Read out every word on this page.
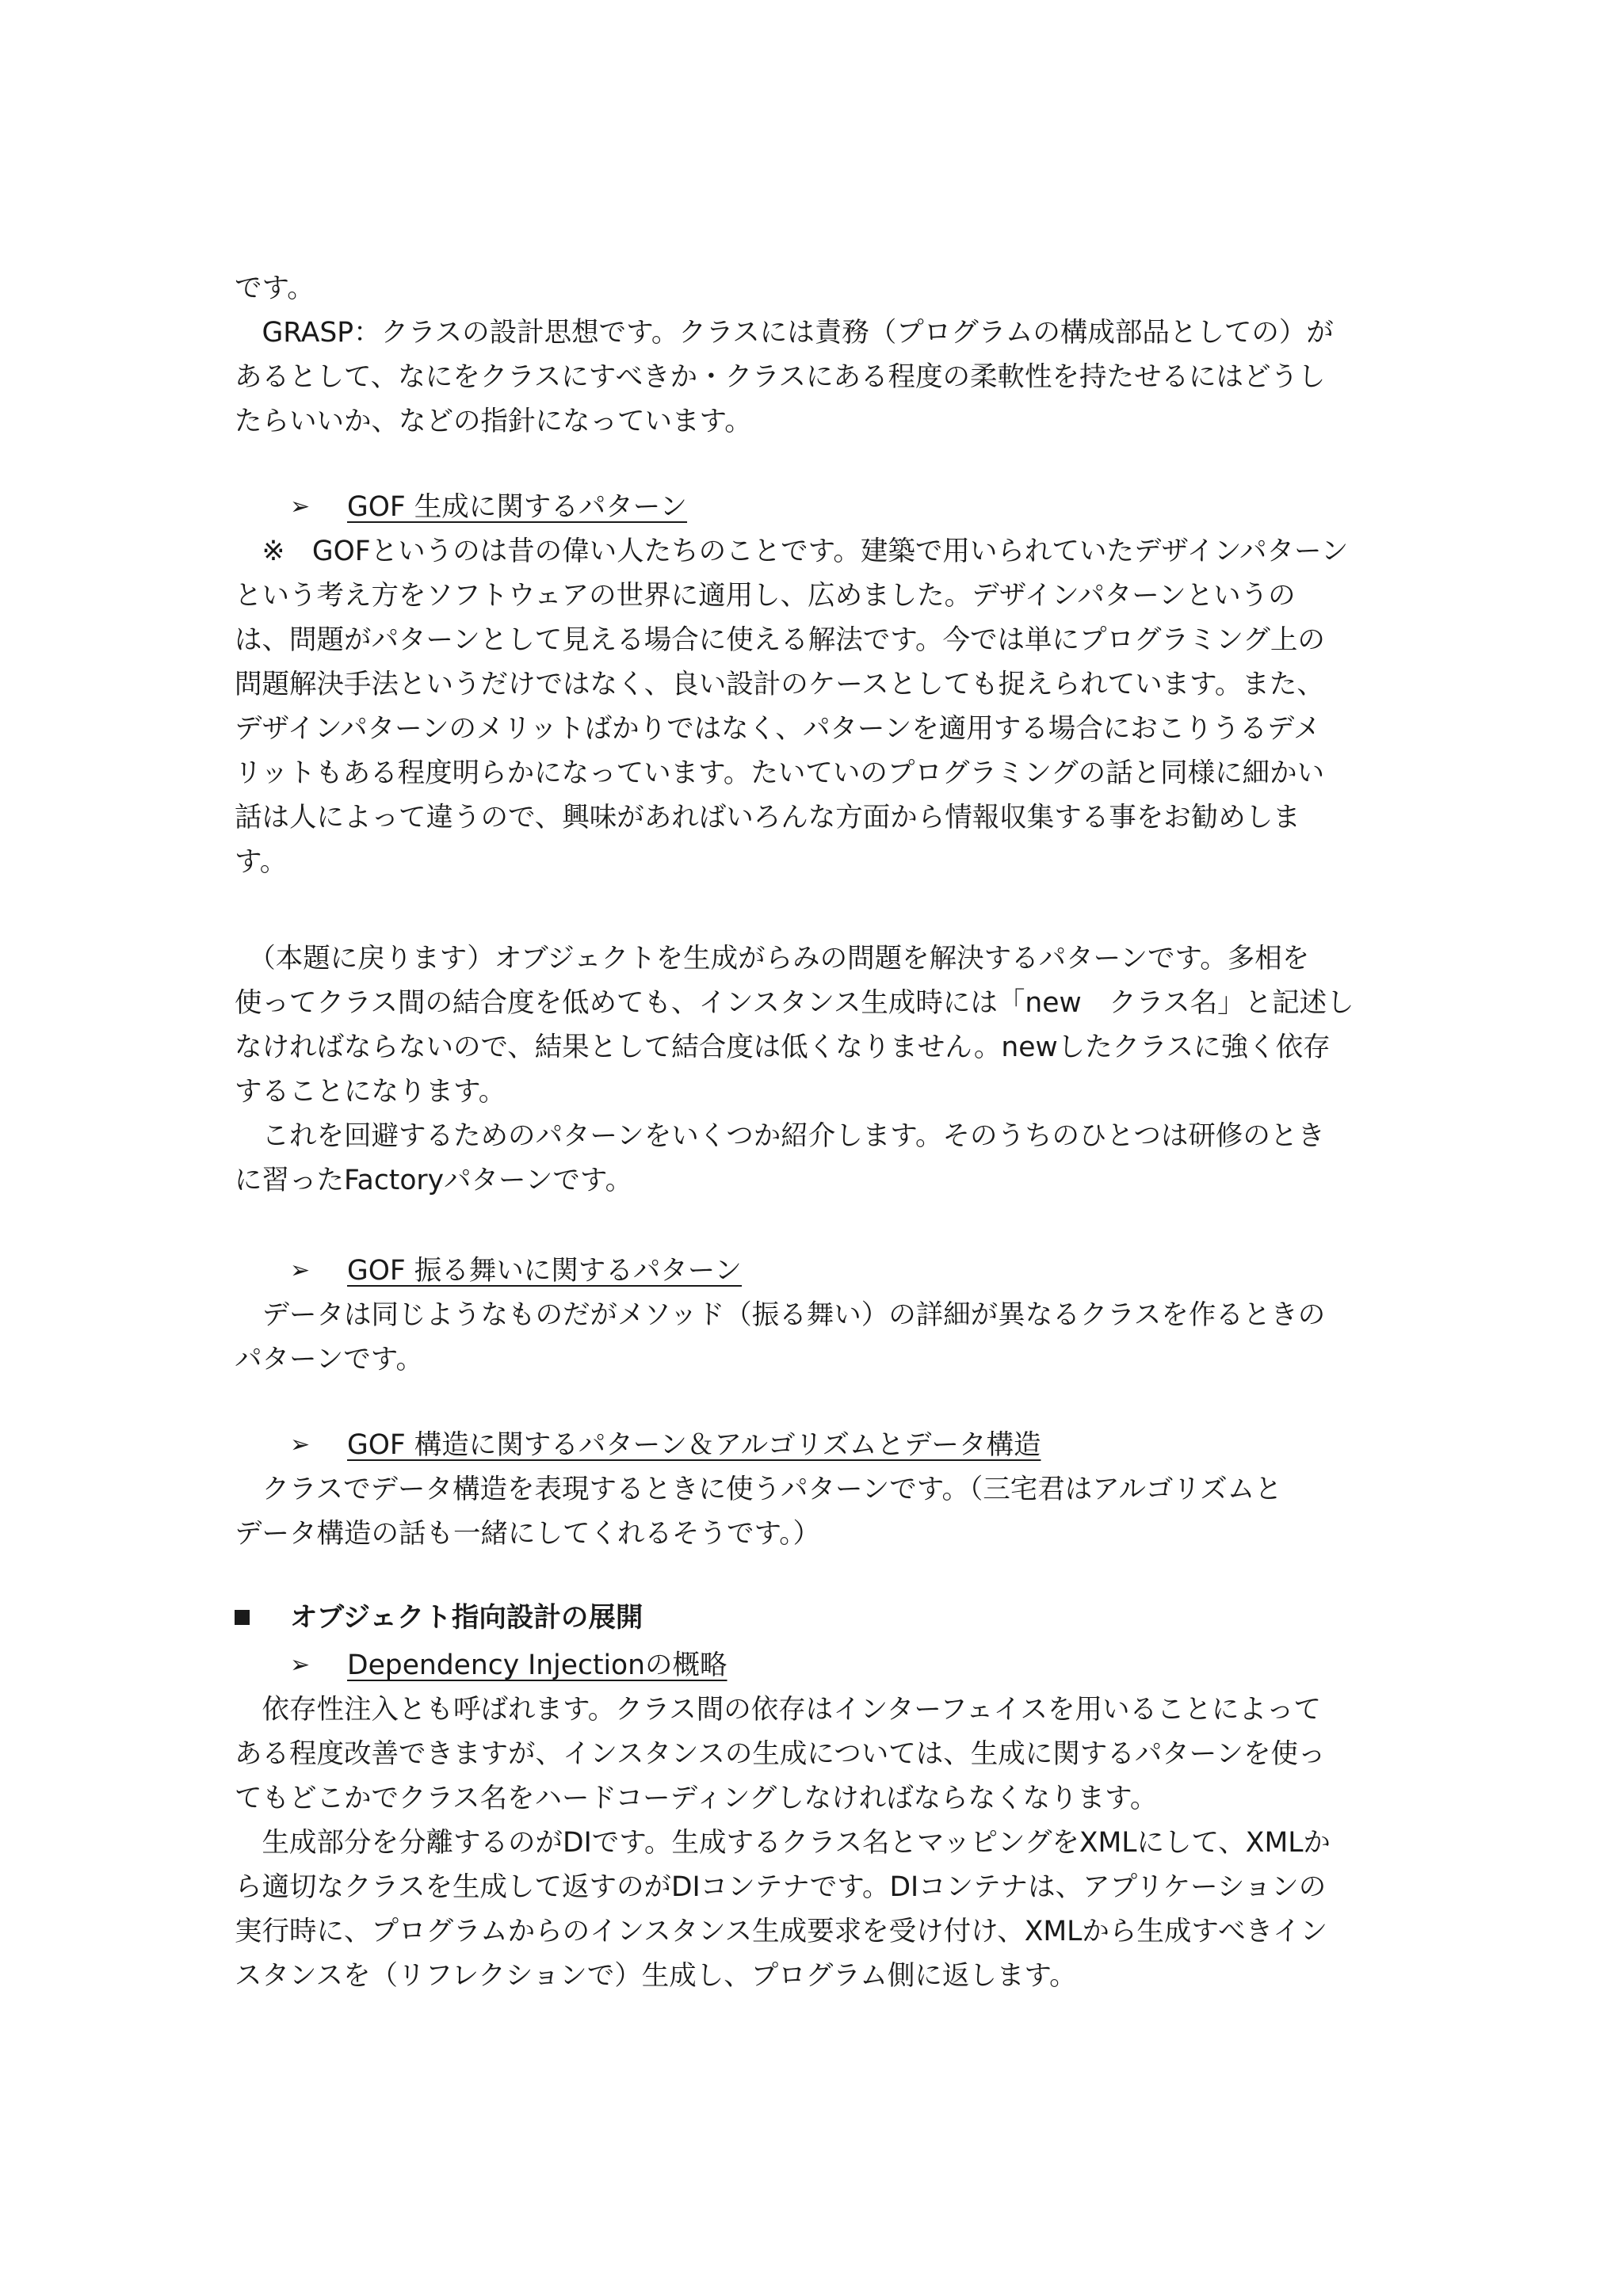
です。
　GRASP：クラスの設計思想です。クラスには責務（プログラムの構成部品としての）が
あるとして、なにをクラスにすべきか・クラスにある程度の柔軟性を持たせるにはどうし
たらいいか、などの指針になっています。
➢ GOF 生成に関するパターン
　※　GOFというのは昔の偉い人たちのことです。建築で用いられていたデザインパターン
という考え方をソフトウェアの世界に適用し、広めました。デザインパターンというの
は、問題がパターンとして見える場合に使える解法です。今では単にプログラミング上の
問題解決手法というだけではなく、良い設計のケースとしても捉えられています。また、
デザインパターンのメリットばかりではなく、パターンを適用する場合におこりうるデメ
リットもある程度明らかになっています。たいていのプログラミングの話と同様に細かい
話は人によって違うので、興味があればいろんな方面から情報収集する事をお勧めしま
す。
　（本題に戻ります）オブジェクトを生成がらみの問題を解決するパターンです。多相を
使ってクラス間の結合度を低めても、インスタンス生成時には「new　クラス名」と記述し
なければならないので、結果として結合度は低くなりません。newしたクラスに強く依存
することになります。
　これを回避するためのパターンをいくつか紹介します。そのうちのひとつは研修のとき
に習ったFactoryパターンです。
➢ GOF 振る舞いに関するパターン
　データは同じようなものだがメソッド（振る舞い）の詳細が異なるクラスを作るときの
パターンです。
➢ GOF 構造に関するパターン＆アルゴリズムとデータ構造
　クラスでデータ構造を表現するときに使うパターンです。（三宅君はアルゴリズムと
データ構造の話も一緒にしてくれるそうです。）
オブジェクト指向設計の展開
➢ Dependency Injectionの概略
　依存性注入とも呼ばれます。クラス間の依存はインターフェイスを用いることによって
ある程度改善できますが、インスタンスの生成については、生成に関するパターンを使っ
てもどこかでクラス名をハードコーディングしなければならなくなります。
　生成部分を分離するのがDIです。生成するクラス名とマッピングをXMLにして、XMLか
ら適切なクラスを生成して返すのがDIコンテナです。DIコンテナは、アプリケーションの
実行時に、プログラムからのインスタンス生成要求を受け付け、XMLから生成すべきイン
スタンスを（リフレクションで）生成し、プログラム側に返します。
